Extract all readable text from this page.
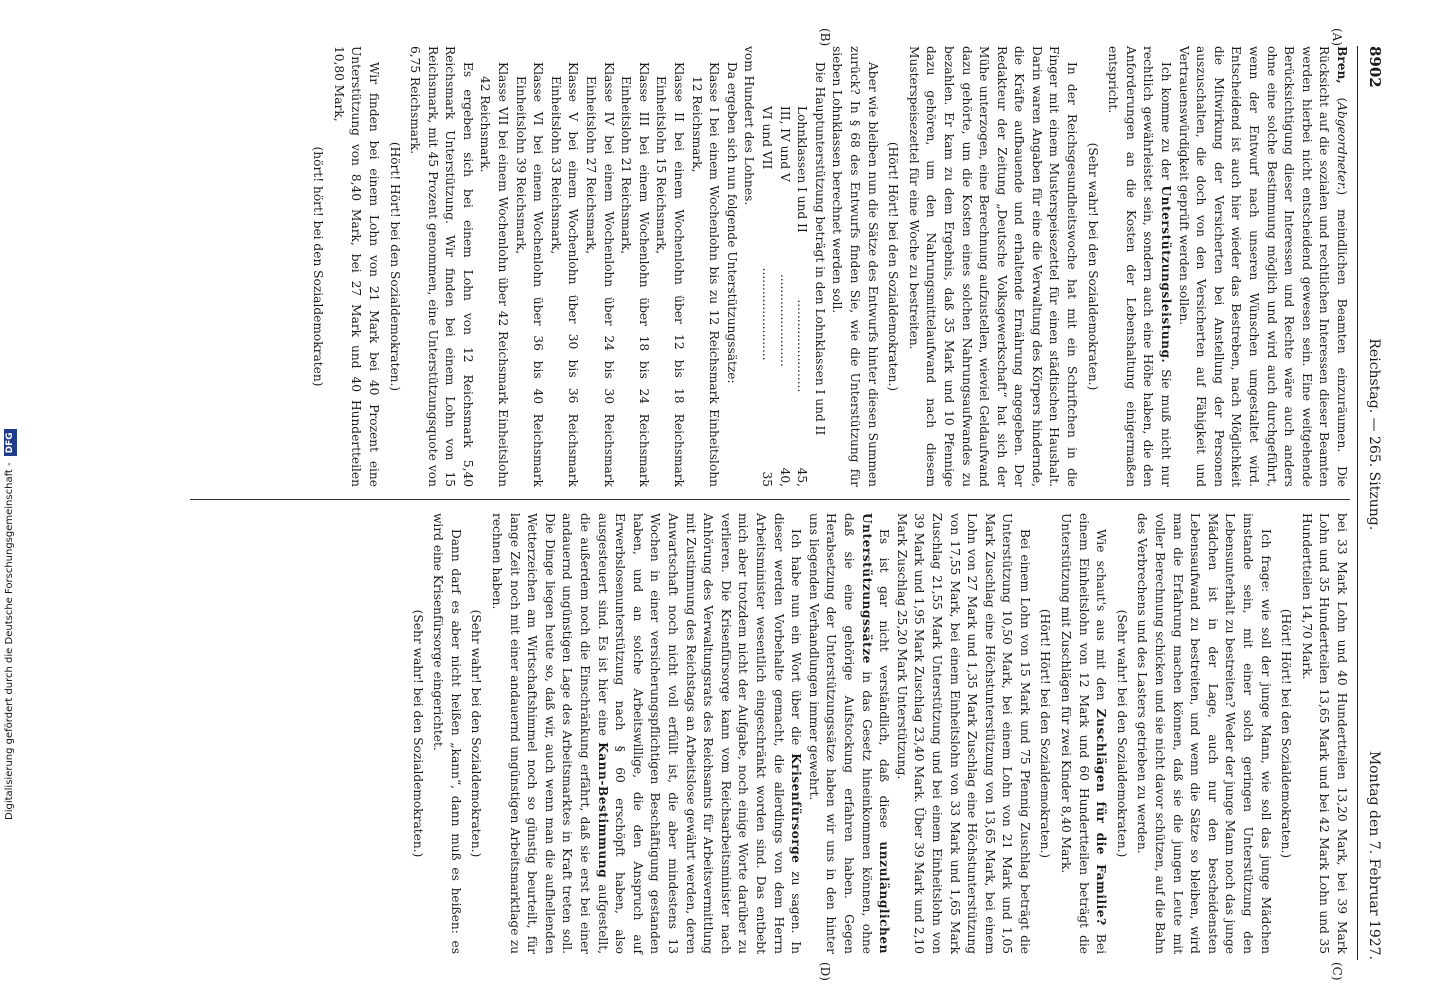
8902
Reichstag. — 265. Sitzung.
Montag den 7. Februar 1927.
(A)
(B)
(C)
(D)

Bren, (Abgeordneter.) meindlichen Beamten einzuräumen. Die Rücksicht auf die sozialen und rechtlichen Interessen dieser Beamten werden hierbei nicht entscheidend gewesen sein. Eine weitgehende Berücksichtigung dieser Interessen und Rechte wäre auch anders ohne eine solche Bestimmung möglich und wird auch durchgeführt, wenn der Entwurf nach unseren Wünschen umgestaltet wird. Entscheidend ist auch hier wieder das Bestreben, nach Möglichkeit die Mitwirkung der Versicherten bei Anstellung der Personen auszuschalten, die doch von den Versicherten auf Fähigkeit und Vertrauenswürdigkeit geprüft werden sollen.

Ich komme zu der Unterstützungsleistung. Sie muß nicht nur rechtlich gewährleistet sein, sondern auch eine Höhe haben, die den Anforderungen an die Kosten der Lebenshaltung einigermaßen entspricht.

(Sehr wahr! bei den Sozialdemokraten.)

In der Reichsgesundheitswoche hat mit ein Schriftchen in die Finger mit einem Musterspeisezettel für einen städtischen Haushalt. Darin waren Angaben für eine die Verwaltung des Körpers hindernde, die Kräfte aufbauende und erhaltende Ernährung angegeben. Der Redakteur der Zeitung „Deutsche Volksgewerkschaft“ hat sich der Mühe unterzogen, eine Berechnung aufzustellen, wieviel Geldaufwand dazu gehörte, um die Kosten eines solchen Nahrungsaufwandes zu bezahlen. Er kam zu dem Ergebnis, daß 35 Mark und 10 Pfennige dazu gehören, um den Nahrungsmittelaufwand nach diesem Musterspeisezettel für eine Woche zu bestreiten.

(Hört! Hört! bei den Sozialdemokraten.)

Aber wie bleiben nun die Sätze des Entwurfs hinter diesen Summen zurück? In § 68 des Entwurfs finden Sie, wie die Unterstützung für sieben Lohnklassen berechnet werden soll.

Die Hauptunterstützung beträgt in den Lohnklassen I und II

Lohnklassen I und II
........................
45,
III, IV und V
........................
40,
VI und VII
........................
35

vom Hundert des Lohnes.

Da ergeben sich nun folgende Unterstützungssätze:

Klasse I bei einem Wochenlohn bis zu 12 Reichsmark Einheitslohn 12 Reichsmark,
Klasse II bei einem Wochenlohn über 12 bis 18 Reichsmark Einheitslohn 15 Reichsmark,
Klasse III bei einem Wochenlohn über 18 bis 24 Reichsmark Einheitslohn 21 Reichsmark,
Klasse IV bei einem Wochenlohn über 24 bis 30 Reichsmark Einheitslohn 27 Reichsmark,
Klasse V bei einem Wochenlohn über 30 bis 36 Reichsmark Einheitslohn 33 Reichsmark,
Klasse VI bei einem Wochenlohn über 36 bis 40 Reichsmark Einheitslohn 39 Reichsmark,
Klasse VII bei einem Wochenlohn über 42 Reichsmark Einheitslohn 42 Reichsmark.

Es ergeben sich bei einem Lohn von 12 Reichsmark 5,40 Reichsmark Unterstützung. Wir finden bei einem Lohn von 15 Reichsmark, mit 45 Prozent genommen, eine Unterstützungsquote von 6,75 Reichsmark.

(Hört! Hört! bei den Sozialdemokraten.)

Wir finden bei einem Lohn von 21 Mark bei 40 Prozent eine Unterstützung von 8,40 Mark, bei 27 Mark und 40 Hundertteilen 10,80 Mark,

(hört! hört! bei den Sozialdemokraten)

bei 33 Mark Lohn und 40 Hundertteilen 13,20 Mark, bei 39 Mark Lohn und 35 Hundertteilen 13,65 Mark und bei 42 Mark Lohn und 35 Hundertteilen 14,70 Mark.

(Hört! Hört! bei den Sozialdemokraten.)

Ich frage: wie soll der junge Mann, wie soll das junge Mädchen imstande sein, mit einer solch geringen Unterstützung den Lebensunterhalt zu bestreiten? Weder der junge Mann noch das junge Mädchen ist in der Lage, auch nur den bescheidensten Lebensaufwand zu bestreiten, und wenn die Sätze so bleiben, wird man die Erfahrung machen können, daß sie die jungen Leute mit voller Berechnung schicken und sie nicht davor schützen, auf die Bahn des Verbrechens und des Lasters getrieben zu werden.

(Sehr wahr! bei den Sozialdemokraten.)

Wie schaut's aus mit den Zuschlägen für die Familie? Bei einem Einheitslohn von 12 Mark und 60 Hundertteilen beträgt die Unterstützung mit Zuschlägen für zwei Kinder 8,40 Mark.

(Hört! Hört! bei den Sozialdemokraten.)

Bei einem Lohn von 15 Mark und 75 Pfennig Zuschlag beträgt die Unterstützung 10,50 Mark, bei einem Lohn von 21 Mark und 1,05 Mark Zuschlag eine Höchstunterstützung von 13,65 Mark, bei einem Lohn von 27 Mark und 1,35 Mark Zuschlag eine Höchstunterstützung von 17,55 Mark, bei einem Einheitslohn von 33 Mark und 1,65 Mark Zuschlag 21,55 Mark Unterstützung und bei einem Einheitslohn von 39 Mark und 1,95 Mark Zuschlag 23,40 Mark. Über 39 Mark und 2,10 Mark Zuschlag 25,20 Mark Unterstützung.

Es ist gar nicht verständlich, daß diese unzulänglichen Unterstützungssätze in das Gesetz hineinkommen können, ohne daß sie eine gehörige Aufstockung erfahren haben. Gegen Herabsetzung der Unterstützungssätze haben wir uns in den hinter uns liegenden Verhandlungen immer gewehrt.

Ich habe nun ein Wort über die Krisenfürsorge zu sagen. In dieser werden Vorbehalte gemacht, die allerdings von dem Herrn Arbeitsminister wesentlich eingeschränkt worden sind. Das entbebt mich aber trotzdem nicht der Aufgabe, noch einige Worte darüber zu verlieren. Die Krisenfürsorge kann vom Reichsarbeitsminister nach Anhörung des Verwaltungsrats des Reichsamts für Arbeitsvermittlung mit Zustimmung des Reichstags an Arbeitslose gewährt werden, deren Anwartschaft noch nicht voll erfüllt ist, die aber mindestens 13 Wochen in einer versicherungspflichtigen Beschäftigung gestanden haben, und an solche Arbeitswillige, die den Anspruch auf Erwerbslosenunterstützung nach § 60 erschöpft haben, also ausgesteuert sind. Es ist hier eine Kann-Bestimmung aufgestellt, die außerdem noch die Einschränkung erfährt, daß sie erst bei einer andauernd ungünstigen Lage des Arbeitsmarktes in Kraft treten soll. Die Dinge liegen heute so, daß wir, auch wenn man die aufhellenden Wetterzeichen am Wirtschaftshimmel noch so günstig beurteilt, für lange Zeit noch mit einer andauernd ungünstigen Arbeitsmarktlage zu rechnen haben.

(Sehr wahr! bei den Sozialdemokraten.)

Dann darf es aber nicht heißen „kann“, dann muß es heißen: es wird eine Krisenfürsorge eingerichtet.

(Sehr wahr! bei den Sozialdemokraten.)

Digitalisierung gefördert durch die Deutsche Forschungsgemeinschaft -
DFG
